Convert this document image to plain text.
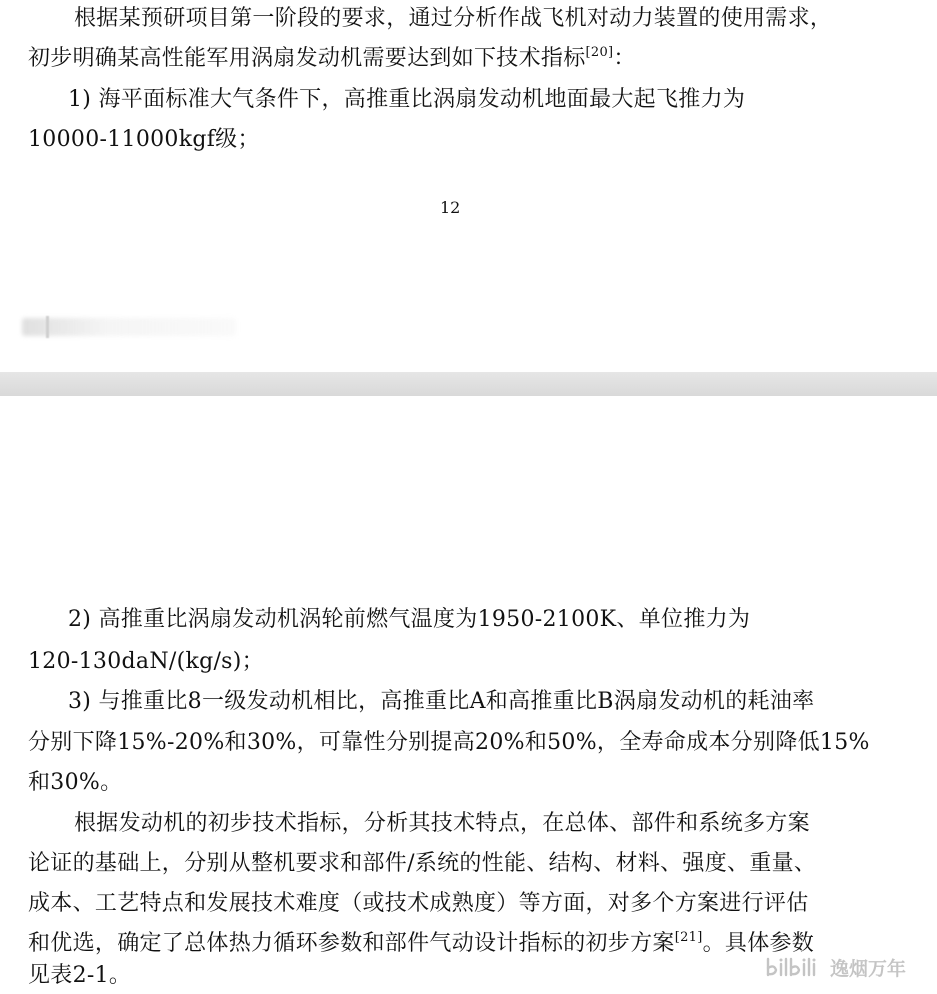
根据某预研项目第一阶段的要求，通过分析作战飞机对动力装置的使用需求，
初步明确某高性能军用涡扇发动机需要达到如下技术指标[20]：
1) 海平面标准大气条件下，高推重比涡扇发动机地面最大起飞推力为
10000-11000kgf级；
12
2) 高推重比涡扇发动机涡轮前燃气温度为1950-2100K、单位推力为
120-130daN/(kg/s)；
3) 与推重比8一级发动机相比，高推重比A和高推重比B涡扇发动机的耗油率
分别下降15%-20%和30%，可靠性分别提高20%和50%，全寿命成本分别降低15%
和30%。
根据发动机的初步技术指标，分析其技术特点，在总体、部件和系统多方案
论证的基础上，分别从整机要求和部件/系统的性能、结构、材料、强度、重量、
成本、工艺特点和发展技术难度（或技术成熟度）等方面，对多个方案进行评估
和优选，确定了总体热力循环参数和部件气动设计指标的初步方案[21]。具体参数
见表2-1。	逸烟万年
